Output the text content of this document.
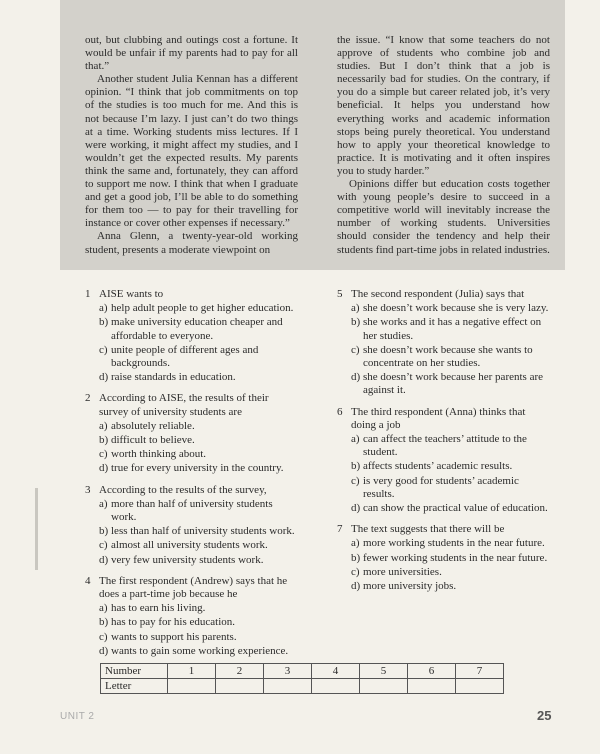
out, but clubbing and outings cost a fortune. It would be unfair if my parents had to pay for all that.”

Another student Julia Kennan has a different opinion. “I think that job commitments on top of the studies is too much for me. And this is not because I’m lazy. I just can’t do two things at a time. Working students miss lectures. If I were working, it might affect my studies, and I wouldn’t get the expected results. My parents think the same and, fortunately, they can afford to support me now. I think that when I graduate and get a good job, I’ll be able to do something for them too — to pay for their travelling for instance or cover other expenses if necessary.”

Anna Glenn, a twenty-year-old working student, presents a moderate viewpoint on

the issue. “I know that some teachers do not approve of students who combine job and studies. But I don’t think that a job is necessarily bad for studies. On the contrary, if you do a simple but career related job, it’s very beneficial. It helps you understand how everything works and academic information stops being purely theoretical. You understand how to apply your theoretical knowledge to practice. It is motivating and it often inspires you to study harder.”

Opinions differ but education costs together with young people’s desire to succeed in a competitive world will inevitably increase the number of working students. Universities should consider the tendency and help their students find part-time jobs in related industries.

1 AISE wants to
a) help adult people to get higher education.
b) make university education cheaper and affordable to everyone.
c) unite people of different ages and backgrounds.
d) raise standards in education.
2 According to AISE, the results of their survey of university students are
a) absolutely reliable.
b) difficult to believe.
c) worth thinking about.
d) true for every university in the country.
3 According to the results of the survey,
a) more than half of university students work.
b) less than half of university students work.
c) almost all university students work.
d) very few university students work.
4 The first respondent (Andrew) says that he does a part-time job because he
a) has to earn his living.
b) has to pay for his education.
c) wants to support his parents.
d) wants to gain some working experience.
5 The second respondent (Julia) says that
a) she doesn’t work because she is very lazy.
b) she works and it has a negative effect on her studies.
c) she doesn’t work because she wants to concentrate on her studies.
d) she doesn’t work because her parents are against it.
6 The third respondent (Anna) thinks that doing a job
a) can affect the teachers’ attitude to the student.
b) affects students’ academic results.
c) is very good for students’ academic results.
d) can show the practical value of education.
7 The text suggests that there will be
a) more working students in the near future.
b) fewer working students in the near future.
c) more universities.
d) more university jobs.
Number	1	2	3	4	5	6	7
Letter							
UNIT 2	25
